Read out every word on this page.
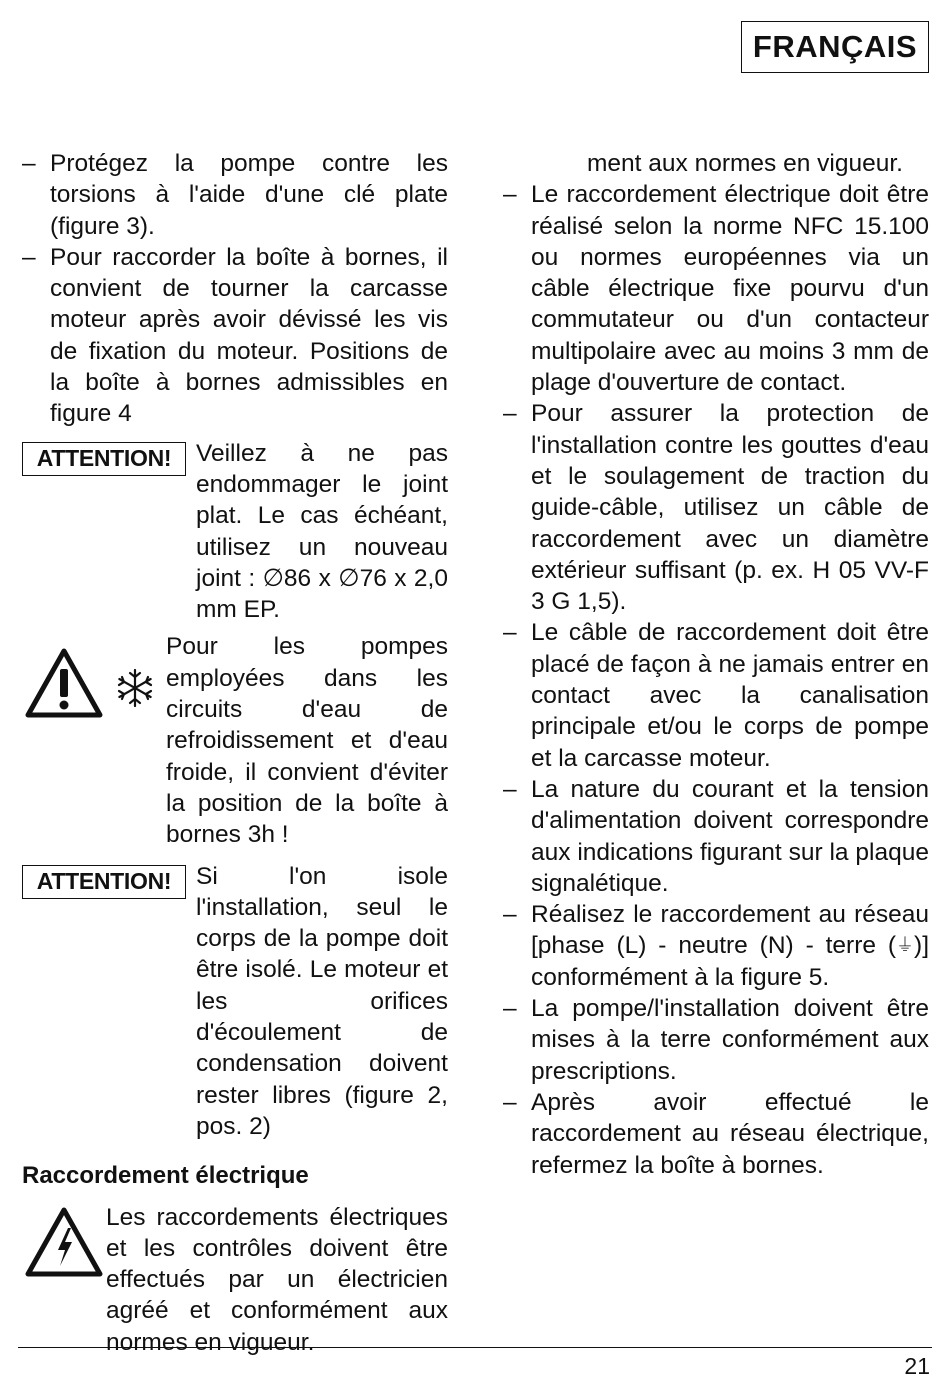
FRANÇAIS
– Protégez la pompe contre les torsions à l'aide d'une clé plate (figure 3).
– Pour raccorder la boîte à bornes, il convient de tourner la carcasse moteur après avoir dévissé les vis de fixation du moteur. Positions de la boîte à bornes admissibles en figure 4
ATTENTION!	Veillez à ne pas endommager le joint plat. Le cas échéant, utilisez un nouveau joint : ∅86 x ∅76 x 2,0 mm EP.
Pour les pompes employées dans les circuits d'eau de refroidissement et d'eau froide, il convient d'éviter la position de la boîte à bornes 3h !
ATTENTION!	Si l'on isole l'installation, seul le corps de la pompe doit être isolé. Le moteur et les orifices d'écoulement de condensation doivent rester libres (figure 2, pos. 2)
Raccordement électrique
Les raccordements électriques et les contrôles doivent être effectués par un électricien agréé et conformément aux normes en vigueur.
ment aux normes en vigueur.
– Le raccordement électrique doit être réalisé selon la norme NFC 15.100 ou normes européennes via un câble électrique fixe pourvu d'un commutateur ou d'un contacteur multipolaire avec au moins 3 mm de plage d'ouverture de contact.
– Pour assurer la protection de l'installation contre les gouttes d'eau et le soulagement de traction du guide-câble, utilisez un câble de raccordement avec un diamètre extérieur suffisant (p. ex. H 05 VV-F 3 G 1,5).
– Le câble de raccordement doit être placé de façon à ne jamais entrer en contact avec la canalisation principale et/ou le corps de pompe et la carcasse moteur.
– La nature du courant et la tension d'alimentation doivent correspondre aux indications figurant sur la plaque signalétique.
– Réalisez le raccordement au réseau [phase (L) - neutre (N) - terre (⏚)] conformément à la figure 5.
– La pompe/l'installation doivent être mises à la terre conformément aux prescriptions.
– Après avoir effectué le raccordement au réseau électrique, refermez la boîte à bornes.
21
